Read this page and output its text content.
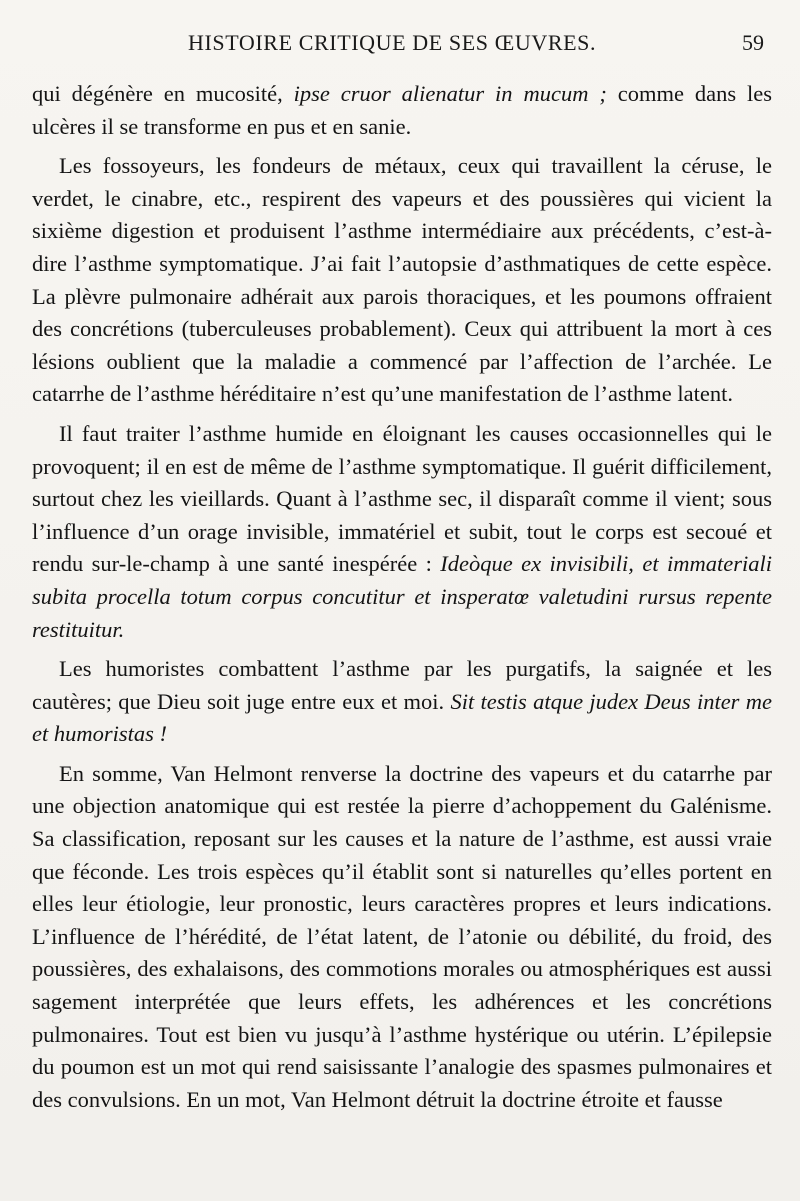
HISTOIRE CRITIQUE DE SES ŒUVRES.	59

qui dégénère en mucosité, ipse cruor alienatur in mucum ; comme dans les ulcères il se transforme en pus et en sanie.

Les fossoyeurs, les fondeurs de métaux, ceux qui travaillent la céruse, le verdet, le cinabre, etc., respirent des vapeurs et des poussières qui vicient la sixième digestion et produisent l’asthme intermédiaire aux précédents, c’est-à-dire l’asthme symptomatique. J’ai fait l’autopsie d’asthmatiques de cette espèce. La plèvre pulmonaire adhérait aux parois thoraciques, et les poumons offraient des concrétions (tuberculeuses probablement). Ceux qui attribuent la mort à ces lésions oublient que la maladie a commencé par l’affection de l’archée. Le catarrhe de l’asthme héréditaire n’est qu’une manifestation de l’asthme latent.

Il faut traiter l’asthme humide en éloignant les causes occasionnelles qui le provoquent; il en est de même de l’asthme symptomatique. Il guérit difficilement, surtout chez les vieillards. Quant à l’asthme sec, il disparaît comme il vient; sous l’influence d’un orage invisible, immatériel et subit, tout le corps est secoué et rendu sur-le-champ à une santé inespérée : Ideòque ex invisibili, et immateriali subita procella totum corpus concutitur et insperatœ valetudini rursus repente restituitur.

Les humoristes combattent l’asthme par les purgatifs, la saignée et les cautères; que Dieu soit juge entre eux et moi. Sit testis atque judex Deus inter me et humoristas !

En somme, Van Helmont renverse la doctrine des vapeurs et du catarrhe par une objection anatomique qui est restée la pierre d’achoppement du Galénisme. Sa classification, reposant sur les causes et la nature de l’asthme, est aussi vraie que féconde. Les trois espèces qu’il établit sont si naturelles qu’elles portent en elles leur étiologie, leur pronostic, leurs caractères propres et leurs indications. L’influence de l’hérédité, de l’état latent, de l’atonie ou débilité, du froid, des poussières, des exhalaisons, des commotions morales ou atmosphériques est aussi sagement interprétée que leurs effets, les adhérences et les concrétions pulmonaires. Tout est bien vu jusqu’à l’asthme hystérique ou utérin. L’épilepsie du poumon est un mot qui rend saisissante l’analogie des spasmes pulmonaires et des convulsions. En un mot, Van Helmont détruit la doctrine étroite et fausse
